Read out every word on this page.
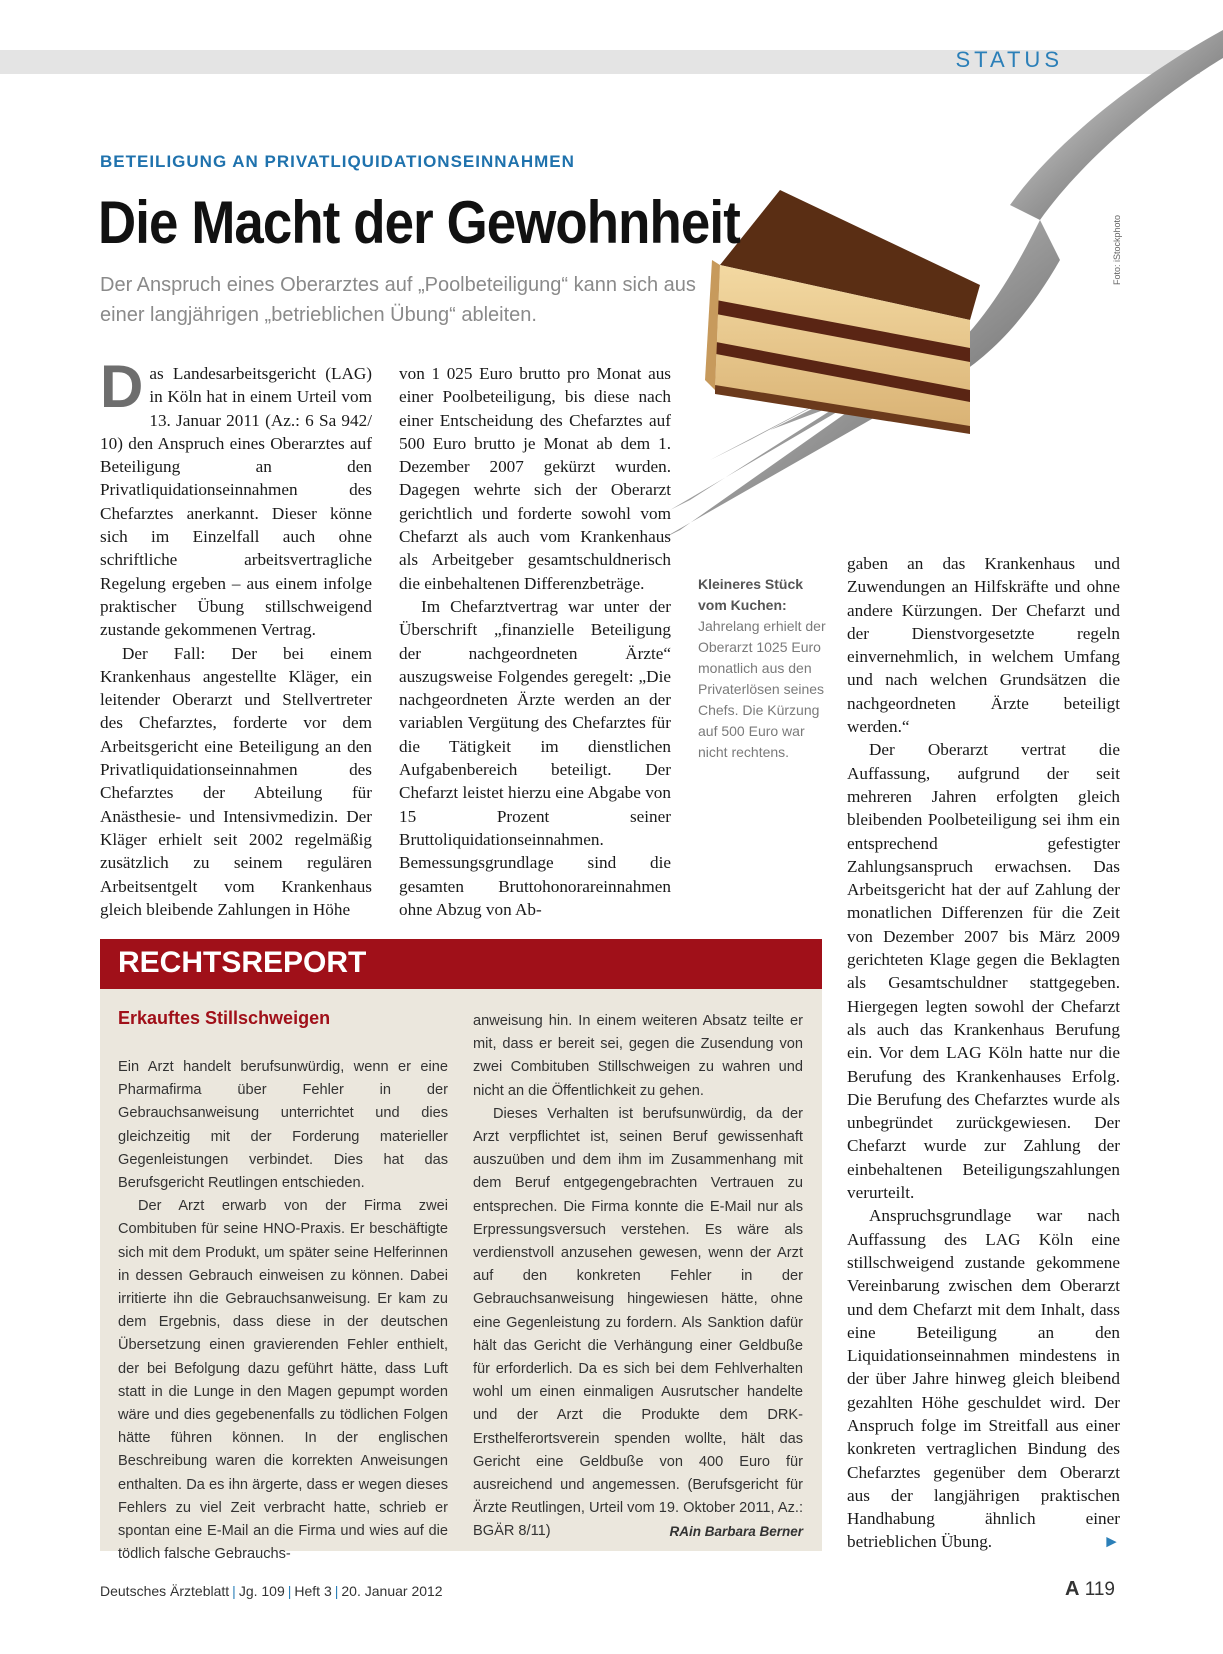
STATUS
Foto: iStockphoto
BETEILIGUNG AN PRIVATLIQUIDATIONSEINNAHMEN
Die Macht der Gewohnheit
Der Anspruch eines Oberarztes auf „Poolbeteiligung“ kann sich aus einer langjährigen „betrieblichen Übung“ ableiten.

Das Landesarbeitsgericht (LAG) in Köln hat in einem Urteil vom 13. Januar 2011 (Az.: 6 Sa 942/ 10) den Anspruch eines Oberarztes auf Beteiligung an den Privatliquidationseinnahmen des Chefarztes anerkannt. Dieser könne sich im Einzelfall auch ohne schriftliche arbeitsvertragliche Regelung ergeben – aus einem infolge praktischer Übung stillschweigend zustande gekommenen Vertrag.

Der Fall: Der bei einem Krankenhaus angestellte Kläger, ein leitender Oberarzt und Stellvertreter des Chefarztes, forderte vor dem Arbeitsgericht eine Beteiligung an den Privatliquidationseinnahmen des Chefarztes der Abteilung für Anästhesie- und Intensivmedizin. Der Kläger erhielt seit 2002 regelmäßig zusätzlich zu seinem regulären Arbeitsentgelt vom Krankenhaus gleich bleibende Zahlungen in Höhe

von 1 025 Euro brutto pro Monat aus einer Poolbeteiligung, bis diese nach einer Entscheidung des Chefarztes auf 500 Euro brutto je Monat ab dem 1. Dezember 2007 gekürzt wurden. Dagegen wehrte sich der Oberarzt gerichtlich und forderte sowohl vom Chefarzt als auch vom Krankenhaus als Arbeitgeber gesamtschuldnerisch die einbehaltenen Differenzbeträge.

Im Chefarztvertrag war unter der Überschrift „finanzielle Beteiligung der nachgeordneten Ärzte“ auszugsweise Folgendes geregelt: „Die nachgeordneten Ärzte werden an der variablen Vergütung des Chefarztes für die Tätigkeit im dienstlichen Aufgabenbereich beteiligt. Der Chefarzt leistet hierzu eine Abgabe von 15 Prozent seiner Bruttoliquidationseinnahmen. Bemessungsgrundlage sind die gesamten Bruttohonorareinnahmen ohne Abzug von Ab-

Kleineres Stück vom Kuchen: Jahrelang erhielt der Oberarzt 1025 Euro monatlich aus den Privaterlösen seines Chefs. Die Kürzung auf 500 Euro war nicht rechtens.

gaben an das Krankenhaus und Zuwendungen an Hilfskräfte und ohne andere Kürzungen. Der Chefarzt und der Dienstvorgesetzte regeln einvernehmlich, in welchem Umfang und nach welchen Grundsätzen die nachgeordneten Ärzte beteiligt werden.“

Der Oberarzt vertrat die Auffassung, aufgrund der seit mehreren Jahren erfolgten gleich bleibenden Poolbeteiligung sei ihm ein entsprechend gefestigter Zahlungsanspruch erwachsen. Das Arbeitsgericht hat der auf Zahlung der monatlichen Differenzen für die Zeit von Dezember 2007 bis März 2009 gerichteten Klage gegen die Beklagten als Gesamtschuldner stattgegeben. Hiergegen legten sowohl der Chefarzt als auch das Krankenhaus Berufung ein. Vor dem LAG Köln hatte nur die Berufung des Krankenhauses Erfolg. Die Berufung des Chefarztes wurde als unbegründet zurückgewiesen. Der Chefarzt wurde zur Zahlung der einbehaltenen Beteiligungszahlungen verurteilt.

Anspruchsgrundlage war nach Auffassung des LAG Köln eine stillschweigend zustande gekommene Vereinbarung zwischen dem Oberarzt und dem Chefarzt mit dem Inhalt, dass eine Beteiligung an den Liquidationseinnahmen mindestens in der über Jahre hinweg gleich bleibend gezahlten Höhe geschuldet wird. Der Anspruch folge im Streitfall aus einer konkreten vertraglichen Bindung des Chefarztes gegenüber dem Oberarzt aus der langjährigen praktischen Handhabung ähnlich einer betrieblichen Übung.	►

RECHTSREPORT
Erkauftes Stillschweigen

Ein Arzt handelt berufsunwürdig, wenn er eine Pharmafirma über Fehler in der Gebrauchsanweisung unterrichtet und dies gleichzeitig mit der Forderung materieller Gegenleistungen verbindet. Dies hat das Berufsgericht Reutlingen entschieden.

Der Arzt erwarb von der Firma zwei Combituben für seine HNO-Praxis. Er beschäftigte sich mit dem Produkt, um später seine Helferinnen in dessen Gebrauch einweisen zu können. Dabei irritierte ihn die Gebrauchsanweisung. Er kam zu dem Ergebnis, dass diese in der deutschen Übersetzung einen gravierenden Fehler enthielt, der bei Befolgung dazu geführt hätte, dass Luft statt in die Lunge in den Magen gepumpt worden wäre und dies gegebenenfalls zu tödlichen Folgen hätte führen können. In der englischen Beschreibung waren die korrekten Anweisungen enthalten. Da es ihn ärgerte, dass er wegen dieses Fehlers zu viel Zeit verbracht hatte, schrieb er spontan eine E-Mail an die Firma und wies auf die tödlich falsche Gebrauchs-

anweisung hin. In einem weiteren Absatz teilte er mit, dass er bereit sei, gegen die Zusendung von zwei Combituben Stillschweigen zu wahren und nicht an die Öffentlichkeit zu gehen.

Dieses Verhalten ist berufsunwürdig, da der Arzt verpflichtet ist, seinen Beruf gewissenhaft auszuüben und dem ihm im Zusammenhang mit dem Beruf entgegengebrachten Vertrauen zu entsprechen. Die Firma konnte die E-Mail nur als Erpressungsversuch verstehen. Es wäre als verdienstvoll anzusehen gewesen, wenn der Arzt auf den konkreten Fehler in der Gebrauchsanweisung hingewiesen hätte, ohne eine Gegenleistung zu fordern. Als Sanktion dafür hält das Gericht die Verhängung einer Geldbuße für erforderlich. Da es sich bei dem Fehlverhalten wohl um einen einmaligen Ausrutscher handelte und der Arzt die Produkte dem DRK-Ersthelferortsverein spenden wollte, hält das Gericht eine Geldbuße von 400 Euro für ausreichend und angemessen. (Berufsgericht für Ärzte Reutlingen, Urteil vom 19. Oktober 2011, Az.: BGÄR 8/11)	RAin Barbara Berner

Deutsches Ärzteblatt | Jg. 109 | Heft 3 | 20. Januar 2012	A 119
